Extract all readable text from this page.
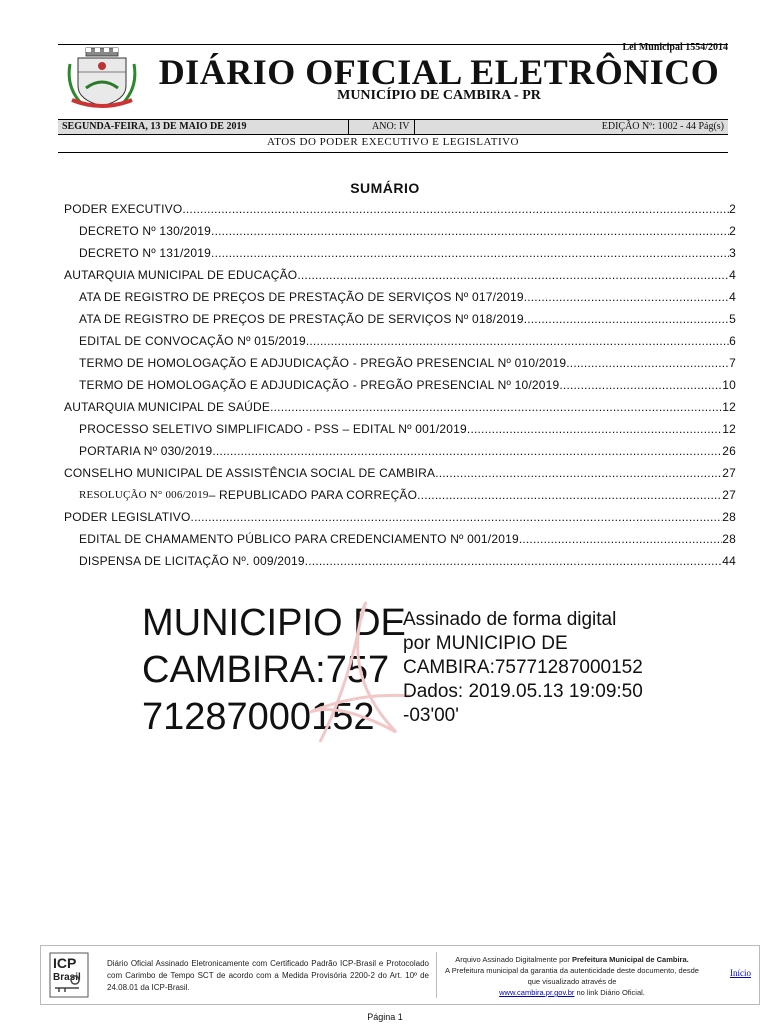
Lei Municipal 1554/2014
DIÁRIO OFICIAL ELETRÔNICO
MUNICÍPIO DE CAMBIRA - PR
SEGUNDA-FEIRA, 13 DE MAIO DE 2019	ANO: IV	EDIÇÃO Nº: 1002 - 44 Pág(s)
ATOS DO PODER EXECUTIVO E LEGISLATIVO
SUMÁRIO
PODER EXECUTIVO .....	2
DECRETO Nº 130/2019 .....	2
DECRETO Nº 131/2019 .....	3
AUTARQUIA MUNICIPAL DE EDUCAÇÃO .....	4
ATA DE REGISTRO DE PREÇOS DE PRESTAÇÃO DE SERVIÇOS Nº 017/2019 .....	4
ATA DE REGISTRO DE PREÇOS DE PRESTAÇÃO DE SERVIÇOS Nº 018/2019 .....	5
EDITAL DE CONVOCAÇÃO Nº 015/2019 .....	6
TERMO DE HOMOLOGAÇÃO E ADJUDICAÇÃO - PREGÃO PRESENCIAL Nº 010/2019 .....	7
TERMO DE HOMOLOGAÇÃO E ADJUDICAÇÃO - PREGÃO PRESENCIAL Nº 10/2019 .....	10
AUTARQUIA MUNICIPAL DE SAÚDE .....	12
PROCESSO SELETIVO SIMPLIFICADO - PSS – EDITAL Nº 001/2019 .....	12
PORTARIA Nº 030/2019 .....	26
CONSELHO MUNICIPAL DE ASSISTÊNCIA SOCIAL DE CAMBIRA .....	27
RESOLUÇÃO N° 006/2019 – REPUBLICADO PARA CORREÇÃO .....	27
PODER LEGISLATIVO .....	28
EDITAL DE CHAMAMENTO PÚBLICO PARA CREDENCIAMENTO Nº 001/2019 .....	28
DISPENSA DE LICITAÇÃO Nº. 009/2019 .....	44
MUNICIPIO DE
CAMBIRA:757
71287000152
Assinado de forma digital
por MUNICIPIO DE
CAMBIRA:75771287000152
Dados: 2019.05.13 19:09:50
-03'00'
ICP
Brasil
Diário Oficial Assinado Eletronicamente com Certificado Padrão ICP-Brasil e Protocolado com Carimbo de Tempo SCT de acordo com a Medida Provisória 2200-2 do Art. 10º de 24.08.01 da ICP-Brasil.
Arquivo Assinado Digitalmente por Prefeitura Municipal de Cambira.
A Prefeitura municipal da garantia da autenticidade deste documento, desde que visualizado através de
www.cambira.pr.gov.br no link Diário Oficial.
Início
Página 1
